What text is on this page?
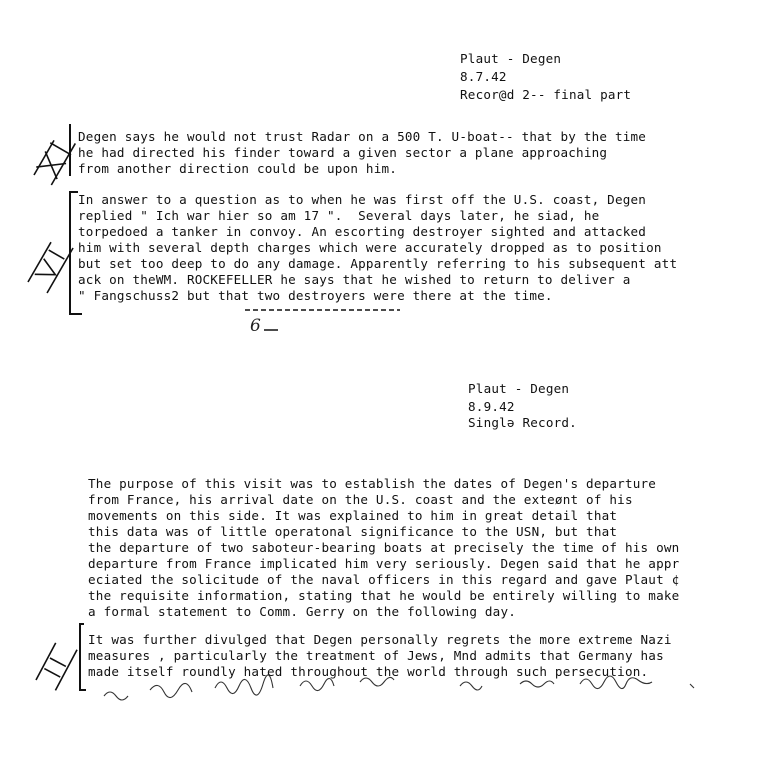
Plaut - Degen
8.7.42
Recor@d 2-- final part
Degen says he would not trust Radar on a 500 T. U-boat-- that by the time
he had directed his finder toward a given sector a plane approaching
from another direction could be upon him.
In answer to a question as to when he was first off the U.S. coast, Degen
replied " Ich war hier so am 17 ".  Several days later, he siad, he
torpedoed a tanker in convoy. An escorting destroyer sighted and attacked
him with several depth charges which were accurately dropped as to position
but set too deep to do any damage. Apparently referring to his subsequent att
ack on theWM. ROCKEFELLER he says that he wished to return to deliver a
" Fangschuss2 but that two destroyers were there at the time.
6
Plaut - Degen
8.9.42
Singlə Record.
The purpose of this visit was to establish the dates of Degen's departure
from France, his arrival date on the U.S. coast and the exteønt of his
movements on this side. It was explained to him in great detail that
this data was of little operatonal significance to the USN, but that
the departure of two saboteur-bearing boats at precisely the time of his own
departure from France implicated him very seriously. Degen said that he appr
eciated the solicitude of the naval officers in this regard and gave Plaut ¢
the requisite information, stating that he would be entirely willing to make
a formal statement to Comm. Gerry on the following day.
It was further divulged that Degen personally regrets the more extreme Nazi
measures , particularly the treatment of Jews, Mnd admits that Germany has
made itself roundly hated throughout the world through such persecution.
